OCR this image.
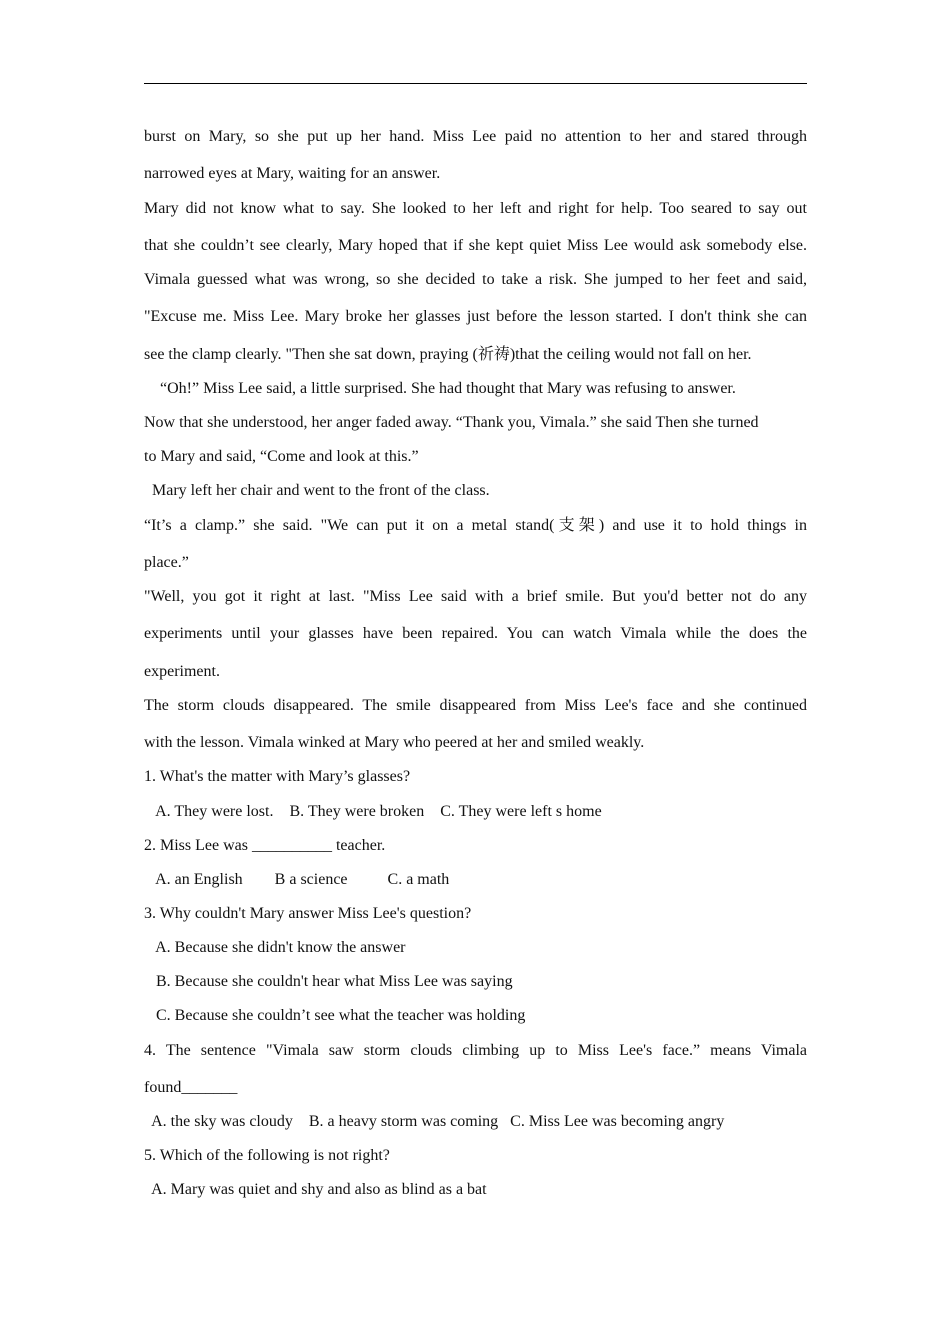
burst on Mary, so she put up her hand. Miss Lee paid no attention to her and stared through
narrowed eyes at Mary, waiting for an answer.
Mary did not know what to say. She looked to her left and right for help. Too seared to say out
that she couldn’t see clearly, Mary hoped that if she kept quiet Miss Lee would ask somebody else.
Vimala guessed what was wrong, so she decided to take a risk. She jumped to her feet and said,
"Excuse me. Miss Lee. Mary broke her glasses just before the lesson started. I don't think she can
see the clamp clearly. "Then she sat down, praying (祈祷)that the ceiling would not fall on her.
“Oh!” Miss Lee said, a little surprised. She had thought that Mary was refusing to answer.
Now that she understood, her anger faded away. “Thank you, Vimala.” she said Then she turned
to Mary and said, “Come and look at this.”
Mary left her chair and went to the front of the class.
“It’s a clamp.” she said. "We can put it on a metal stand(支架) and use it to hold things in
place.”
"Well, you got it right at last. "Miss Lee said with a brief smile. But you'd better not do any
experiments until your glasses have been repaired. You can watch Vimala while the does the
experiment.
The storm clouds disappeared. The smile disappeared from Miss Lee's face and she continued
with the lesson. Vimala winked at Mary who peered at her and smiled weakly.
1. What's the matter with Mary’s glasses?
A. They were lost.    B. They were broken    C. They were left s home
2. Miss Lee was __________ teacher.
A. an English        B a science          C. a math
3. Why couldn't Mary answer Miss Lee's question?
A. Because she didn't know the answer
B. Because she couldn't hear what Miss Lee was saying
C. Because she couldn’t see what the teacher was holding
4. The sentence "Vimala saw storm clouds climbing up to Miss Lee's face.” means Vimala
found_______
A. the sky was cloudy    B. a heavy storm was coming   C. Miss Lee was becoming angry
5. Which of the following is not right?
A. Mary was quiet and shy and also as blind as a bat
